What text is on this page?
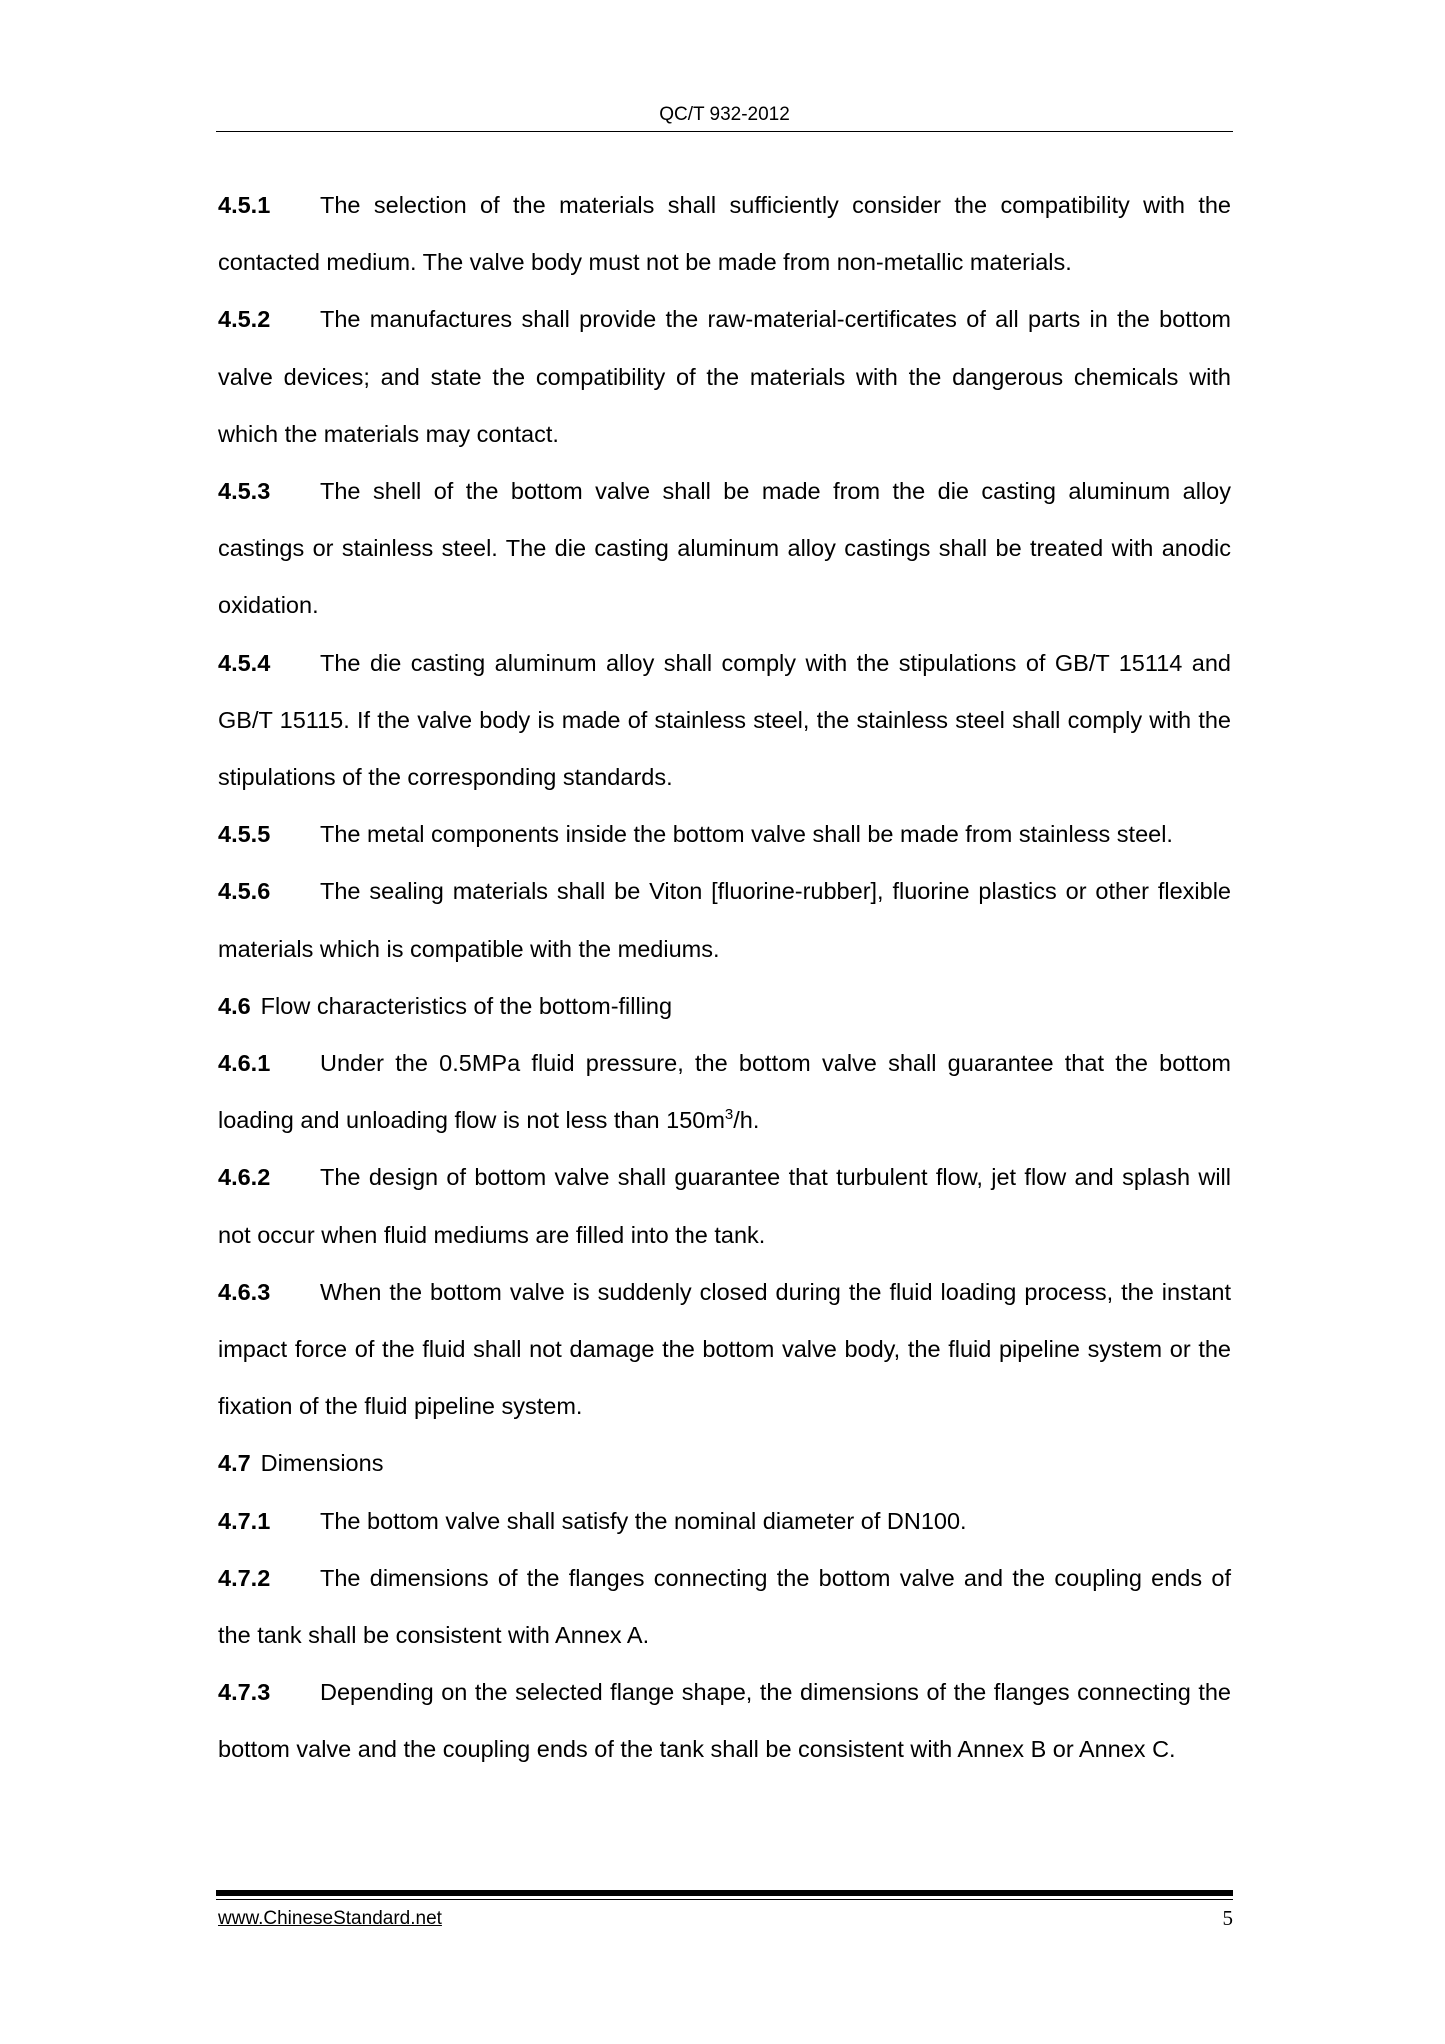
QC/T 932-2012

4.5.1 The selection of the materials shall sufficiently consider the compatibility with the contacted medium. The valve body must not be made from non-metallic materials.

4.5.2 The manufactures shall provide the raw-material-certificates of all parts in the bottom valve devices; and state the compatibility of the materials with the dangerous chemicals with which the materials may contact.

4.5.3 The shell of the bottom valve shall be made from the die casting aluminum alloy castings or stainless steel. The die casting aluminum alloy castings shall be treated with anodic oxidation.

4.5.4 The die casting aluminum alloy shall comply with the stipulations of GB/T 15114 and GB/T 15115. If the valve body is made of stainless steel, the stainless steel shall comply with the stipulations of the corresponding standards.

4.5.5 The metal components inside the bottom valve shall be made from stainless steel.

4.5.6 The sealing materials shall be Viton [fluorine-rubber], fluorine plastics or other flexible materials which is compatible with the mediums.

4.6 Flow characteristics of the bottom-filling

4.6.1 Under the 0.5MPa fluid pressure, the bottom valve shall guarantee that the bottom loading and unloading flow is not less than $150m^3/h$.

4.6.2 The design of bottom valve shall guarantee that turbulent flow, jet flow and splash will not occur when fluid mediums are filled into the tank.

4.6.3 When the bottom valve is suddenly closed during the fluid loading process, the instant impact force of the fluid shall not damage the bottom valve body, the fluid pipeline system or the fixation of the fluid pipeline system.

4.7 Dimensions

4.7.1 The bottom valve shall satisfy the nominal diameter of DN100.

4.7.2 The dimensions of the flanges connecting the bottom valve and the coupling ends of the tank shall be consistent with Annex A.

4.7.3 Depending on the selected flange shape, the dimensions of the flanges connecting the bottom valve and the coupling ends of the tank shall be consistent with Annex B or Annex C.

www.ChineseStandard.net	5
